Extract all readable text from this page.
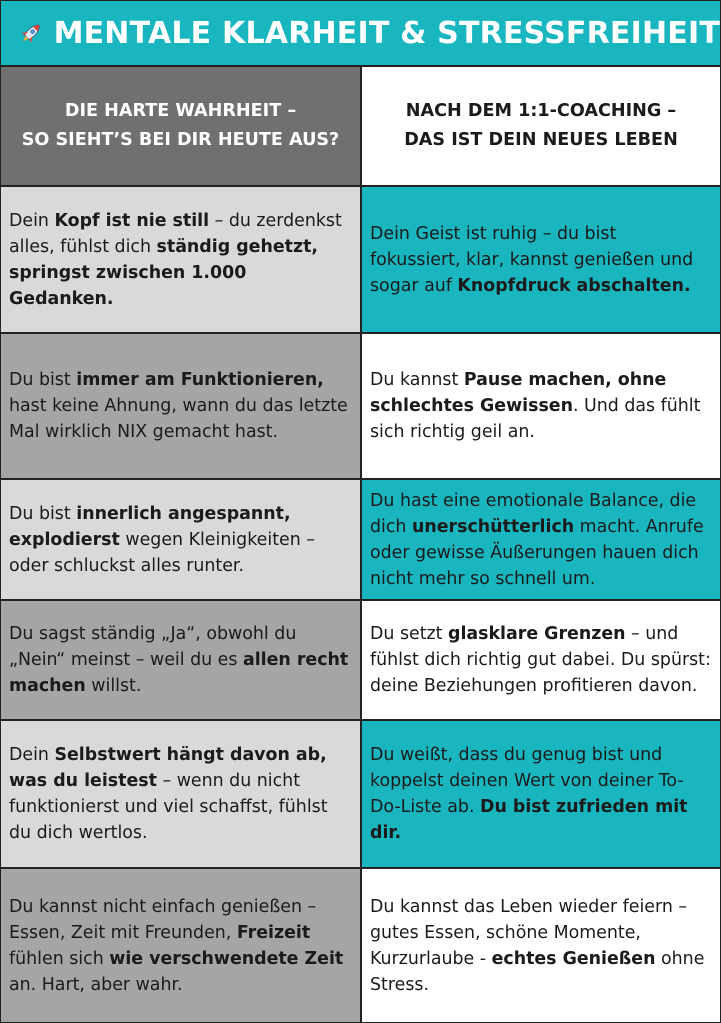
MENTALE KLARHEIT & STRESSFREIHEIT
DIE HARTE WAHRHEIT –
SO SIEHT’S BEI DIR HEUTE AUS?
NACH DEM 1:1-COACHING –
DAS IST DEIN NEUES LEBEN
Dein Kopf ist nie still – du zerdenkst alles, fühlst dich ständig gehetzt, springst zwischen 1.000 Gedanken.
Dein Geist ist ruhig – du bist fokussiert, klar, kannst genießen und sogar auf Knopfdruck abschalten.
Du bist immer am Funktionieren, hast keine Ahnung, wann du das letzte Mal wirklich NIX gemacht hast.
Du kannst Pause machen, ohne schlechtes Gewissen. Und das fühlt sich richtig geil an.
Du bist innerlich angespannt, explodierst wegen Kleinigkeiten – oder schluckst alles runter.
Du hast eine emotionale Balance, die dich unerschütterlich macht. Anrufe oder gewisse Äußerungen hauen dich nicht mehr so schnell um.
Du sagst ständig „Ja“, obwohl du „Nein“ meinst – weil du es allen recht machen willst.
Du setzt glasklare Grenzen – und fühlst dich richtig gut dabei. Du spürst: deine Beziehungen profitieren davon.
Dein Selbstwert hängt davon ab, was du leistest – wenn du nicht funktionierst und viel schaffst, fühlst du dich wertlos.
Du weißt, dass du genug bist und koppelst deinen Wert von deiner To-Do-Liste ab. Du bist zufrieden mit dir.
Du kannst nicht einfach genießen – Essen, Zeit mit Freunden, Freizeit fühlen sich wie verschwendete Zeit an. Hart, aber wahr.
Du kannst das Leben wieder feiern – gutes Essen, schöne Momente, Kurzurlaube - echtes Genießen ohne Stress.
